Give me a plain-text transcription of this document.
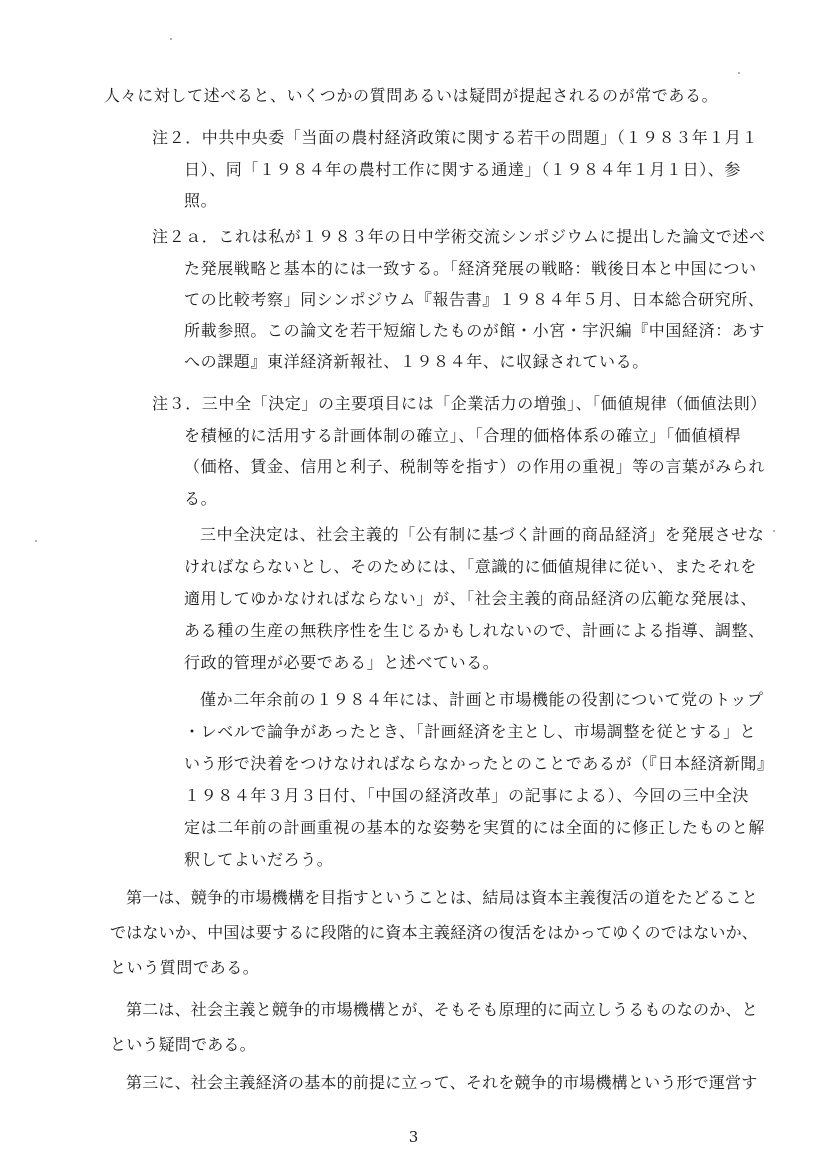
人々に対して述べると、いくつかの質問あるいは疑問が提起されるのが常である。
注２．中共中央委「当面の農村経済政策に関する若干の問題」（１９８３年１月１
日）、同「１９８４年の農村工作に関する通達」（１９８４年１月１日）、参
照。
注２ａ．これは私が１９８３年の日中学術交流シンポジウムに提出した論文で述べ
た発展戦略と基本的には一致する。「経済発展の戦略：戦後日本と中国につい
ての比較考察」同シンポジウム『報告書』１９８４年５月、日本総合研究所、
所載参照。この論文を若干短縮したものが館・小宮・宇沢編『中国経済：あす
への課題』東洋経済新報社、１９８４年、に収録されている。
注３．三中全「決定」の主要項目には「企業活力の増強」、「価値規律（価値法則）
を積極的に活用する計画体制の確立」、「合理的価格体系の確立」「価値槓桿
（価格、賃金、信用と利子、税制等を指す）の作用の重視」等の言葉がみられ
る。
三中全決定は、社会主義的「公有制に基づく計画的商品経済」を発展させな
ければならないとし、そのためには、「意識的に価値規律に従い、またそれを
適用してゆかなければならない」が、「社会主義的商品経済の広範な発展は、
ある種の生産の無秩序性を生じるかもしれないので、計画による指導、調整、
行政的管理が必要である」と述べている。
僅か二年余前の１９８４年には、計画と市場機能の役割について党のトップ
・レベルで論争があったとき、「計画経済を主とし、市場調整を従とする」と
いう形で決着をつけなければならなかったとのことであるが（『日本経済新聞』
１９８４年３月３日付、「中国の経済改革」の記事による）、今回の三中全決
定は二年前の計画重視の基本的な姿勢を実質的には全面的に修正したものと解
釈してよいだろう。
第一は、競争的市場機構を目指すということは、結局は資本主義復活の道をたどること
ではないか、中国は要するに段階的に資本主義経済の復活をはかってゆくのではないか、
という質問である。
3
第二は、社会主義と競争的市場機構とが、そもそも原理的に両立しうるものなのか、と
という疑問である。
第三に、社会主義経済の基本的前提に立って、それを競争的市場機構という形で運営す
